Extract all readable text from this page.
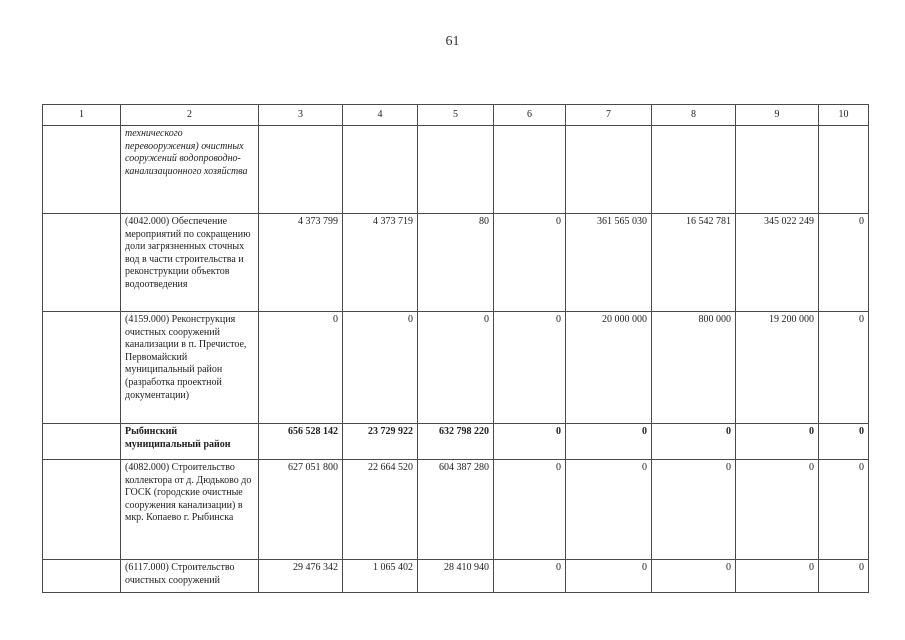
61
1	2	3	4	5	6	7	8	9	10
	технического перевооружения) очистных сооружений водопроводно-канализационного хозяйства								
	(4042.000) Обеспечение мероприятий по сокращению доли загрязненных сточных вод в части строительства и реконструкции объектов водоотведения	4 373 799	4 373 719	80	0	361 565 030	16 542 781	345 022 249	0
	(4159.000) Реконструкция очистных сооружений канализации в п. Пречистое, Первомайский муниципальный район (разработка проектной документации)	0	0	0	0	20 000 000	800 000	19 200 000	0
	Рыбинский муниципальный район	656 528 142	23 729 922	632 798 220	0	0	0	0	0
	(4082.000) Строительство коллектора от д. Дюдьково до ГОСК (городские очистные сооружения канализации) в мкр. Копаево г. Рыбинска	627 051 800	22 664 520	604 387 280	0	0	0	0	0
	(6117.000) Строительство очистных сооружений	29 476 342	1 065 402	28 410 940	0	0	0	0	0
